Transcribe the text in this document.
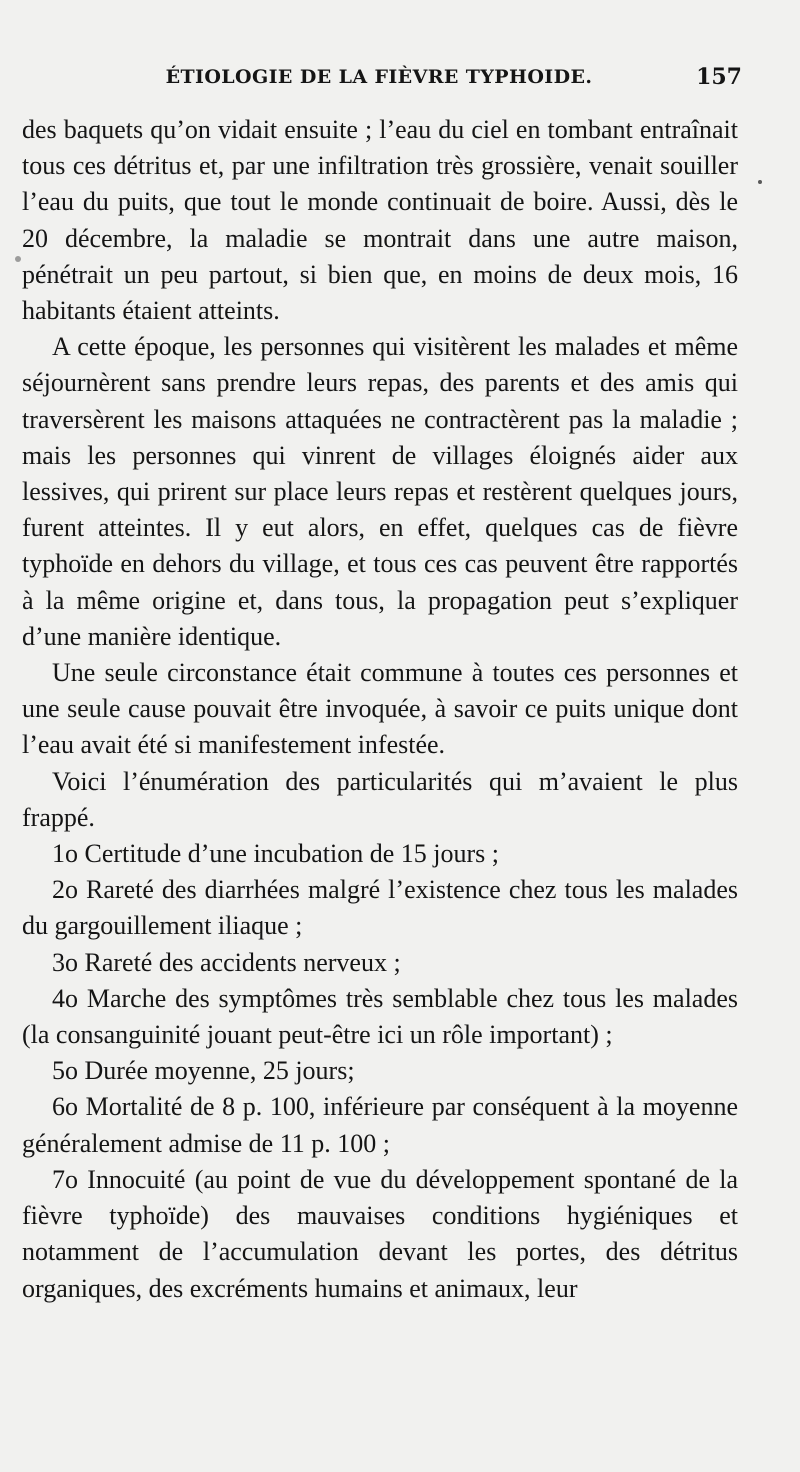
ÉTIOLOGIE DE LA FIÈVRE TYPHOIDE.	157

des baquets qu’on vidait ensuite ; l’eau du ciel en tombant entraînait tous ces détritus et, par une infiltration très grossière, venait souiller l’eau du puits, que tout le monde continuait de boire. Aussi, dès le 20 décembre, la maladie se montrait dans une autre maison, pénétrait un peu partout, si bien que, en moins de deux mois, 16 habitants étaient atteints.

A cette époque, les personnes qui visitèrent les malades et même séjournèrent sans prendre leurs repas, des parents et des amis qui traversèrent les maisons attaquées ne contractèrent pas la maladie ; mais les personnes qui vinrent de villages éloignés aider aux lessives, qui prirent sur place leurs repas et restèrent quelques jours, furent atteintes. Il y eut alors, en effet, quelques cas de fièvre typhoïde en dehors du village, et tous ces cas peuvent être rapportés à la même origine et, dans tous, la propagation peut s’expliquer d’une manière identique.

Une seule circonstance était commune à toutes ces personnes et une seule cause pouvait être invoquée, à savoir ce puits unique dont l’eau avait été si manifestement infestée.

Voici l’énumération des particularités qui m’avaient le plus frappé.

1o Certitude d’une incubation de 15 jours ;

2o Rareté des diarrhées malgré l’existence chez tous les malades du gargouillement iliaque ;

3o Rareté des accidents nerveux ;

4o Marche des symptômes très semblable chez tous les malades (la consanguinité jouant peut-être ici un rôle important) ;

5o Durée moyenne, 25 jours;

6o Mortalité de 8 p. 100, inférieure par conséquent à la moyenne généralement admise de 11 p. 100 ;

7o Innocuité (au point de vue du développement spontané de la fièvre typhoïde) des mauvaises conditions hygiéniques et notamment de l’accumulation devant les portes, des détritus organiques, des excréments humains et animaux, leur
